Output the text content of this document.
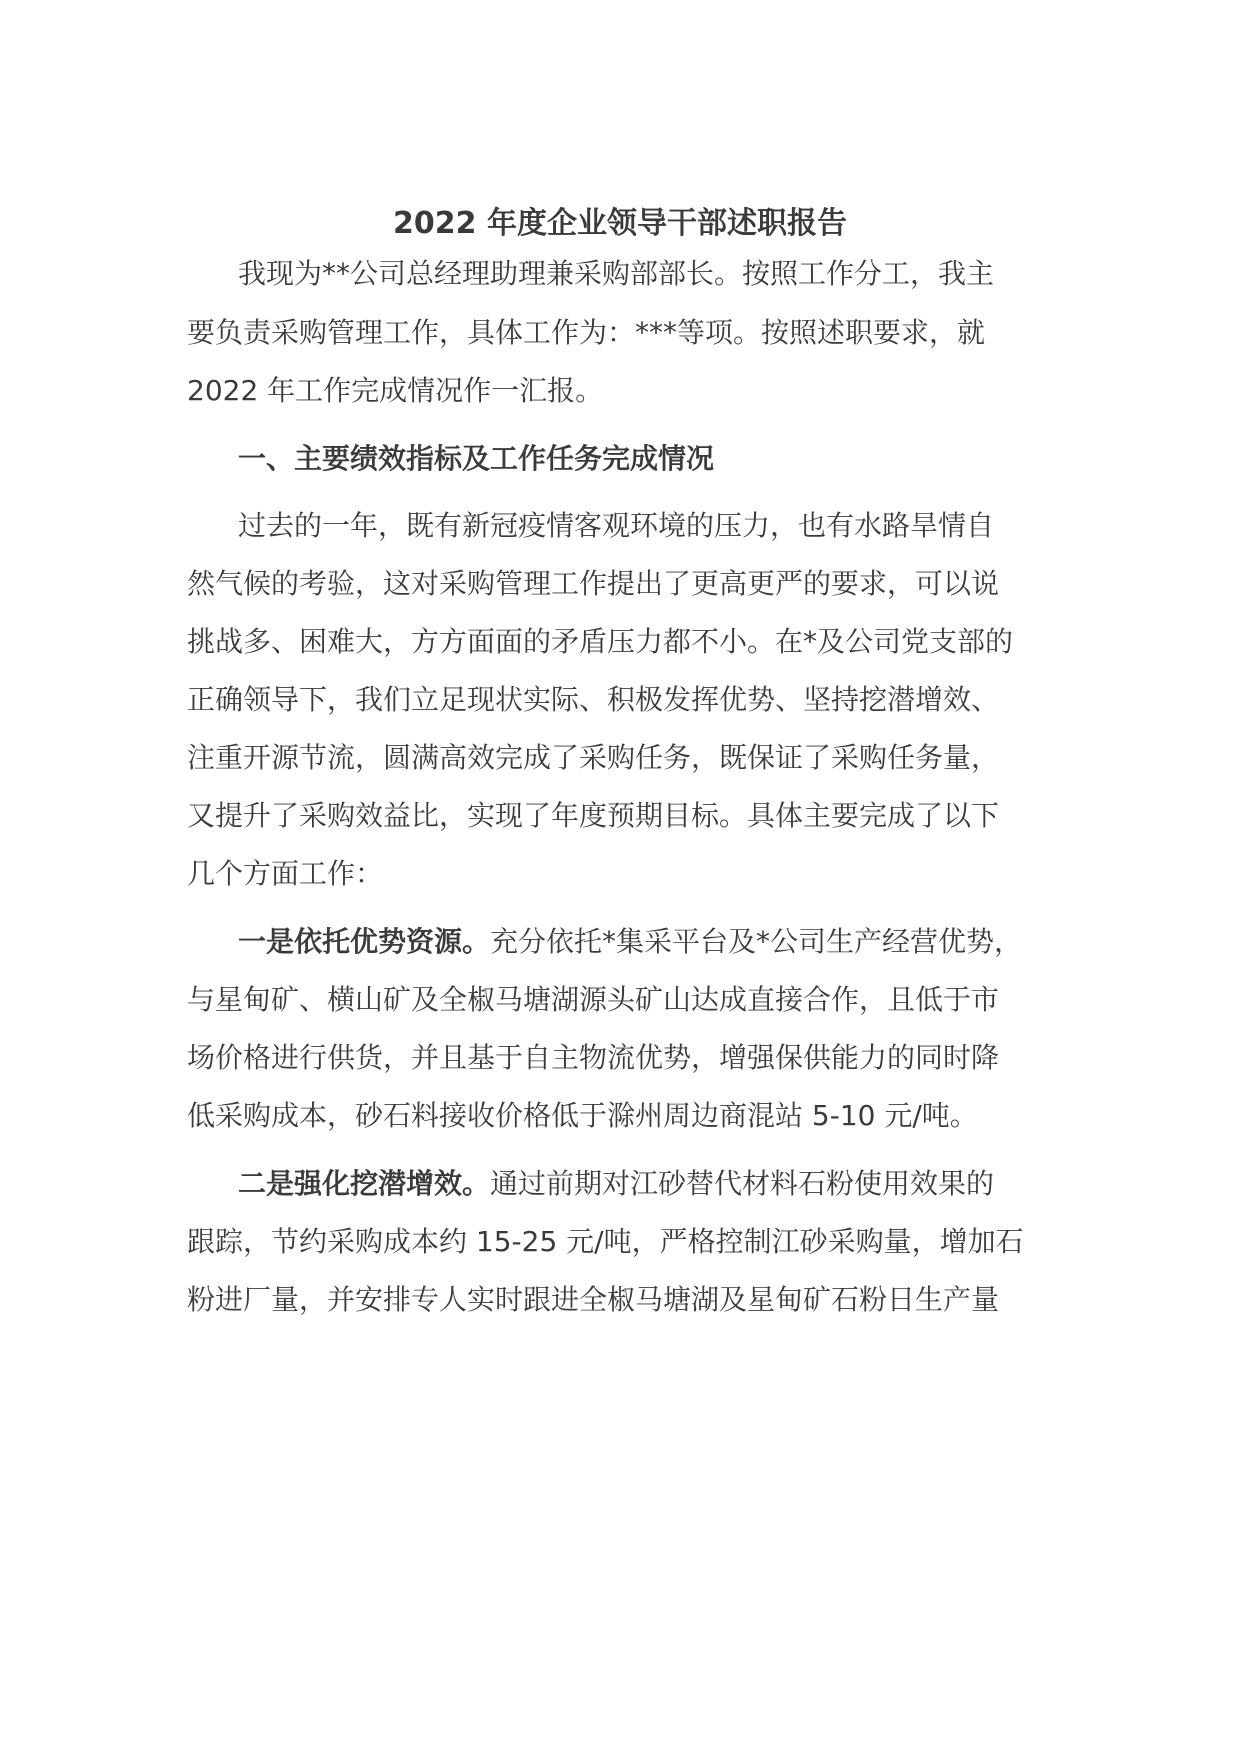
2022 年度企业领导干部述职报告
我现为**公司总经理助理兼采购部部长。按照工作分工，我主
要负责采购管理工作，具体工作为：***等项。按照述职要求，就
2022 年工作完成情况作一汇报。
一、主要绩效指标及工作任务完成情况
过去的一年，既有新冠疫情客观环境的压力，也有水路旱情自
然气候的考验，这对采购管理工作提出了更高更严的要求，可以说
挑战多、困难大，方方面面的矛盾压力都不小。在*及公司党支部的
正确领导下，我们立足现状实际、积极发挥优势、坚持挖潜增效、
注重开源节流，圆满高效完成了采购任务，既保证了采购任务量，
又提升了采购效益比，实现了年度预期目标。具体主要完成了以下
几个方面工作：
一是依托优势资源。充分依托*集采平台及*公司生产经营优势，
与星甸矿、横山矿及全椒马塘湖源头矿山达成直接合作，且低于市
场价格进行供货，并且基于自主物流优势，增强保供能力的同时降
低采购成本，砂石料接收价格低于滁州周边商混站 5-10 元/吨。
二是强化挖潜增效。通过前期对江砂替代材料石粉使用效果的
跟踪，节约采购成本约 15-25 元/吨，严格控制江砂采购量，增加石
粉进厂量，并安排专人实时跟进全椒马塘湖及星甸矿石粉日生产量
